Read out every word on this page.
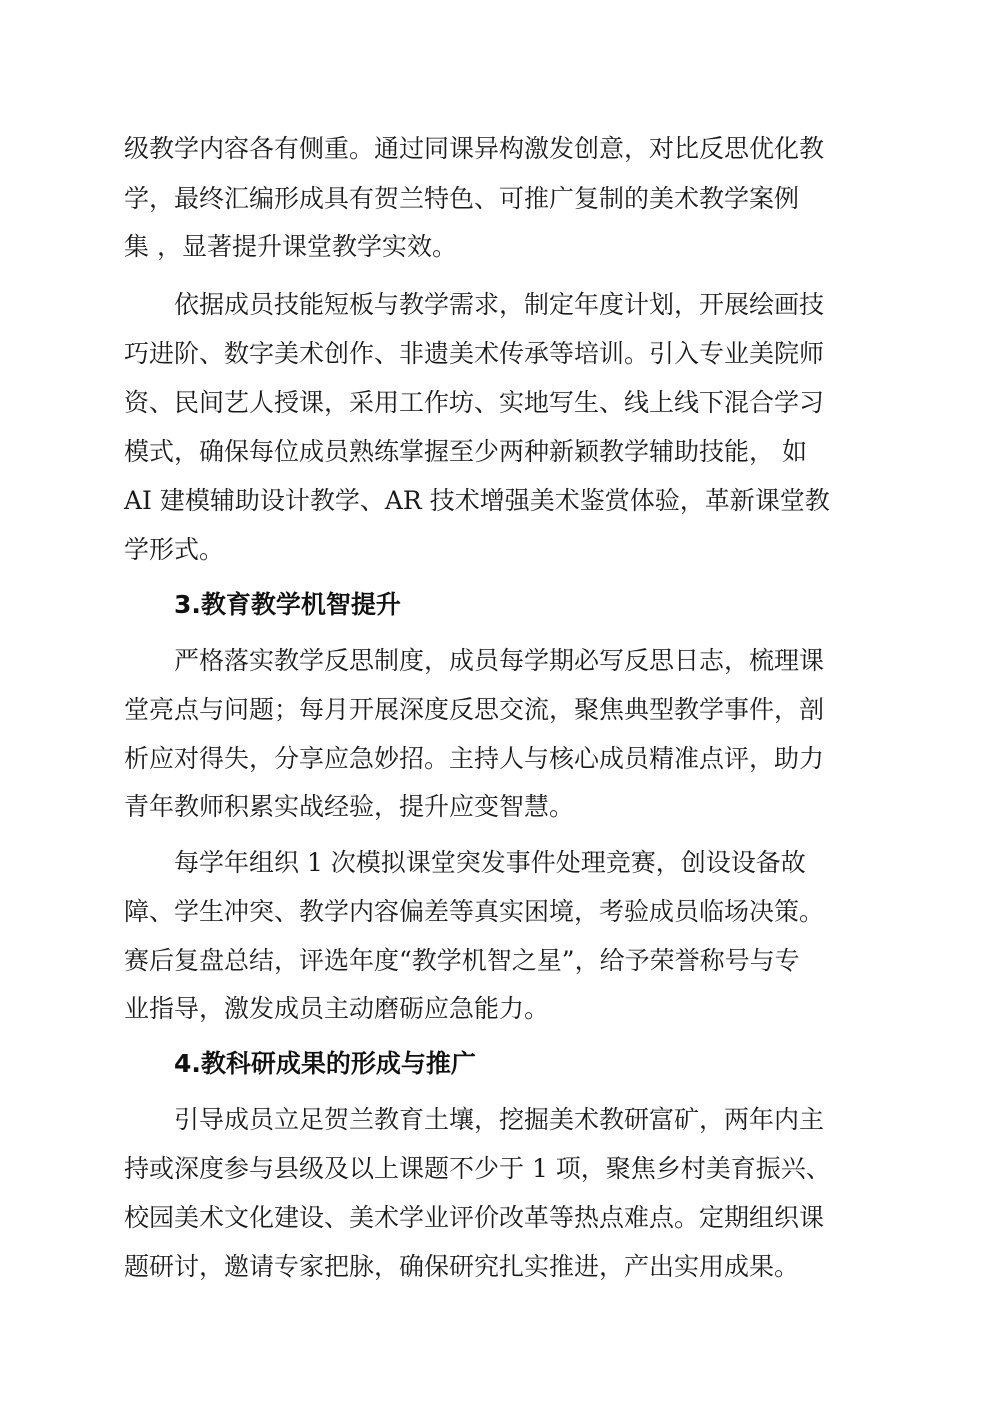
级教学内容各有侧重。通过同课异构激发创意，对比反思优化教
学，最终汇编形成具有贺兰特色、可推广复制的美术教学案例
集 ，显著提升课堂教学实效。
依据成员技能短板与教学需求，制定年度计划，开展绘画技
巧进阶、数字美术创作、非遗美术传承等培训。引入专业美院师
资、民间艺人授课，采用工作坊、实地写生、线上线下混合学习
模式，确保每位成员熟练掌握至少两种新颖教学辅助技能， 如
AI 建模辅助设计教学、AR 技术增强美术鉴赏体验，革新课堂教
学形式。
3.教育教学机智提升
严格落实教学反思制度，成员每学期必写反思日志，梳理课
堂亮点与问题；每月开展深度反思交流，聚焦典型教学事件，剖
析应对得失，分享应急妙招。主持人与核心成员精准点评，助力
青年教师积累实战经验，提升应变智慧。
每学年组织 1 次模拟课堂突发事件处理竞赛，创设设备故
障、学生冲突、教学内容偏差等真实困境，考验成员临场决策。
赛后复盘总结，评选年度“教学机智之星”，给予荣誉称号与专
业指导，激发成员主动磨砺应急能力。
4.教科研成果的形成与推广
引导成员立足贺兰教育土壤，挖掘美术教研富矿，两年内主
持或深度参与县级及以上课题不少于 1 项，聚焦乡村美育振兴、
校园美术文化建设、美术学业评价改革等热点难点。定期组织课
题研讨，邀请专家把脉，确保研究扎实推进，产出实用成果。
